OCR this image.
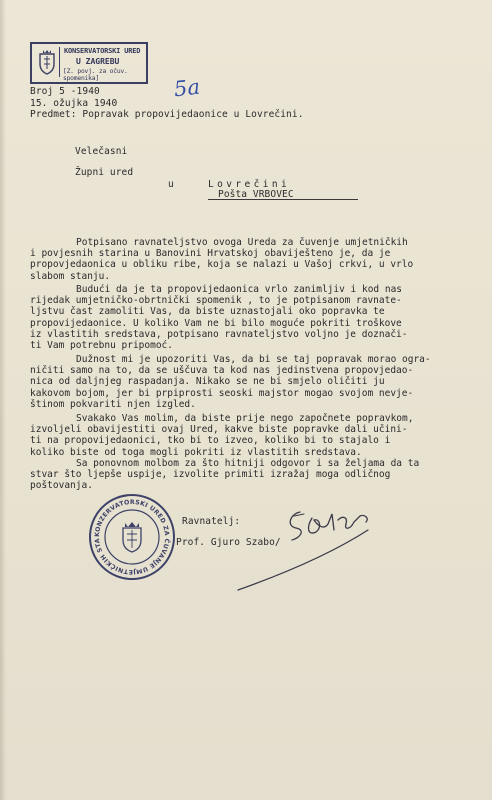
KONSERVATORSKI URED
U ZAGREBU
[Z. povj. za očuv. spomenika]	5a
Broj 5 -1940
15. ožujka 1940
Predmet: Popravak propovijedaonice u Lovrečini.
Velečasni
Župni ured
u	Lovrečini
Pošta VRBOVEC
Potpisano ravnateljstvo ovoga Ureda za čuvenje umjetničkih
i povjesnih starina u Banovini Hrvatskoj obaviješteno je, da je
propovjedaonica u obliku ribe, koja se nalazi u Vašoj crkvi, u vrlo
slabom stanju.
Budući da je ta propovijedaonica vrlo zanimljiv i kod nas
rijedak umjetničko-obrtnički spomenik , to je potpisanom ravnate-
ljstvu čast zamoliti Vas, da biste uznastojali oko popravka te
propovijedaonice. U koliko Vam ne bi bilo moguće pokriti troškove
iz vlastitih sredstava, potpisano ravnateljstvo voljno je doznači-
ti Vam potrebnu pripomoć.
Dužnost mi je upozoriti Vas, da bi se taj popravak morao ogra-
ničiti samo na to, da se uščuva ta kod nas jedinstvena propovjedao-
nica od daljnjeg raspadanja. Nikako se ne bi smjelo oličiti ju
kakovom bojom, jer bi prpiprosti seoski majstor mogao svojom nevje-
štinom pokvariti njen izgled.
Svakako Vas molim, da biste prije nego započnete popravkom,
izvoljeli obavijestiti ovaj Ured, kakve biste popravke dali učini-
ti na propovijedaonici, tko bi to izveo, koliko bi to stajalo i
koliko biste od toga mogli pokriti iz vlastitih sredstava.
Sa ponovnom molbom za što hitniji odgovor i sa željama da ta
stvar što ljepše uspije, izvolite primiti izražaj moga odličnog
poštovanja.
Ravnatelj:
KONZERVATORSKI URED ZA ČUVANJE UMJETNIČKIH STA	Prof. Gjuro Szabo/
